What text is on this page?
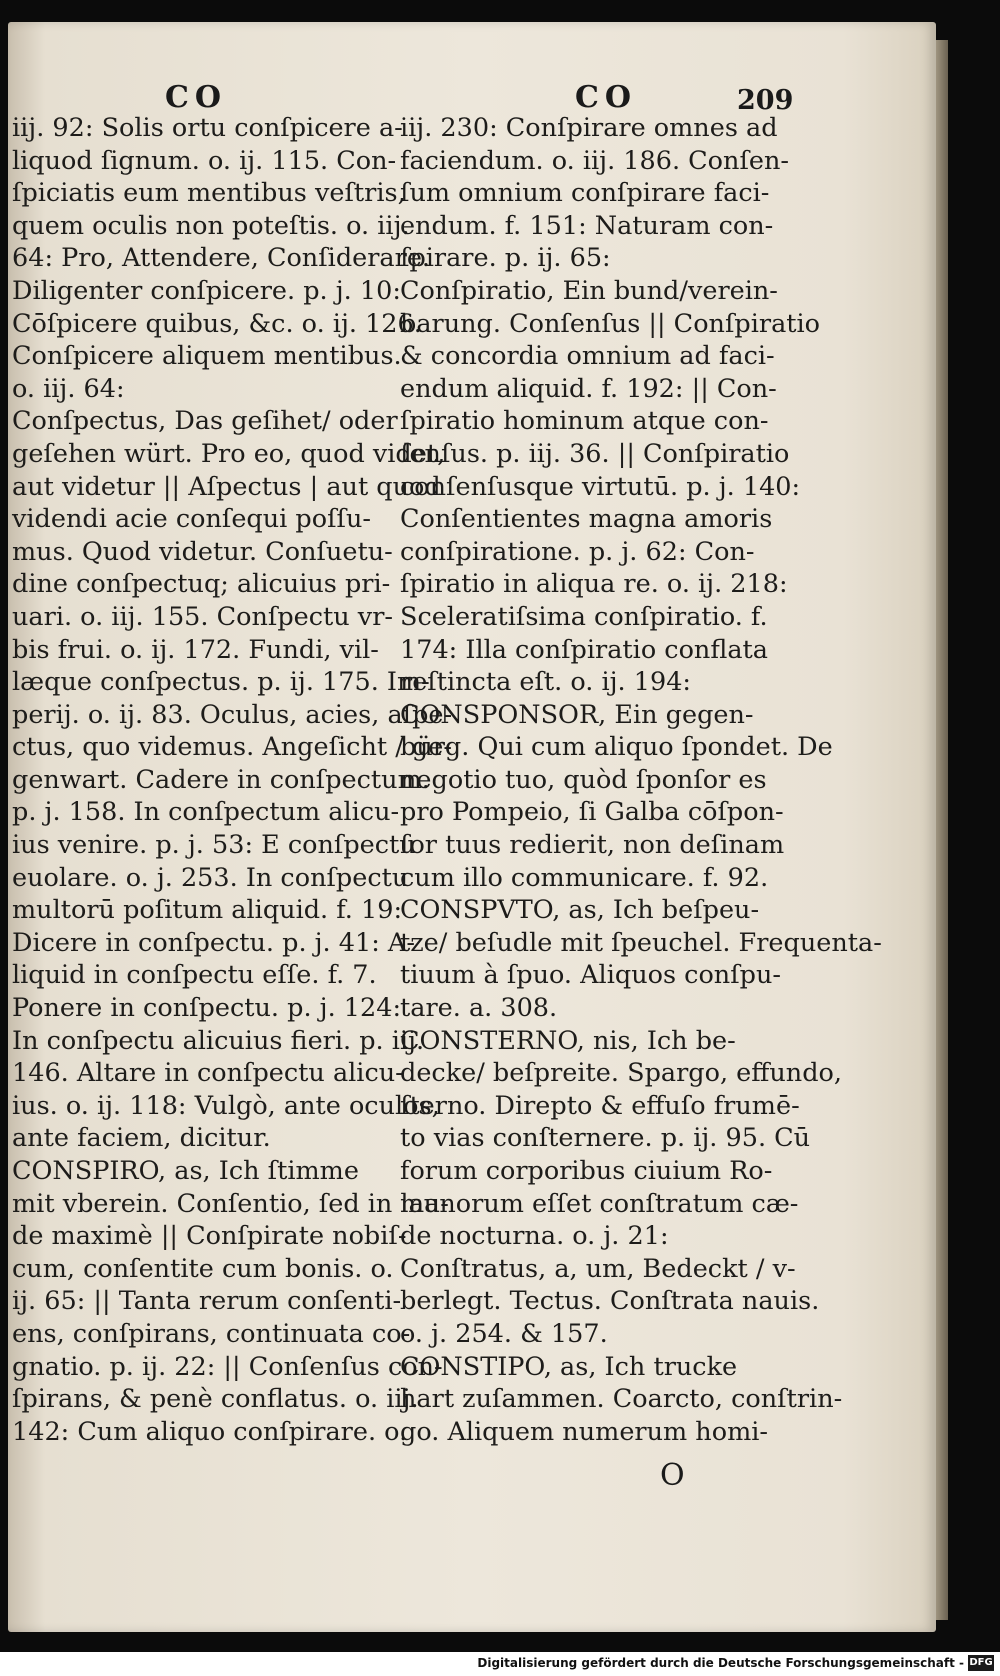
CO	CO	209
iij. 92: Solis ortu conſpicere a-
liquod ſignum. o. ij. 115. Con-
ſpiciatis eum mentibus veſtris,
quem oculis non poteſtis. o. iij.
64: Pro, Attendere, Conſiderare.
Diligenter conſpicere. p. j. 10:
Cōſpicere quibus, &c. o. ij. 126.
Conſpicere aliquem mentibus.
o. iij. 64:
Conſpectus, Das geſihet/ oder
geſehen würt. Pro eo, quod videt,
aut videtur || Aſpectus | aut quod
videndi acie conſequi poſſu-
mus. Quod videtur. Conſuetu-
dine conſpectuq; alicuius pri-
uari. o. iij. 155. Conſpectu vr-
bis frui. o. ij. 172. Fundi, vil-
læque conſpectus. p. ij. 175. Im-
perij. o. ij. 83. Oculus, acies, aſpe-
ctus, quo videmus. Angeſicht / ge-
genwart. Cadere in conſpectum.
p. j. 158. In conſpectum alicu-
ius venire. p. j. 53: E conſpectu
euolare. o. j. 253. In conſpectu
multorū poſitum aliquid. f. 19:
Dicere in conſpectu. p. j. 41: A-
liquid in conſpectu eſſe. f. 7.
Ponere in conſpectu. p. j. 124:
In conſpectu alicuius fieri. p. iij.
146. Altare in conſpectu alicu-
ius. o. ij. 118: Vulgò, ante oculos,
ante faciem, dicitur.
CONSPIRO, as, Ich ſtimme
mit vberein. Conſentio, ſed in lau-
de maximè || Conſpirate nobiſ-
cum, conſentite cum bonis. o.
ij. 65: || Tanta rerum conſenti-
ens, conſpirans, continuata co-
gnatio. p. ij. 22: || Conſenſus con-
ſpirans, & penè conflatus. o. iij.
142: Cum aliquo conſpirare. o.
iij. 230: Conſpirare omnes ad
faciendum. o. iij. 186. Conſen-
ſum omnium conſpirare faci-
endum. f. 151: Naturam con-
ſpirare. p. ij. 65:
Conſpiratio, Ein bund/verein-
barung. Conſenſus || Conſpiratio
& concordia omnium ad faci-
endum aliquid. f. 192: || Con-
ſpiratio hominum atque con-
ſenſus. p. iij. 36. || Conſpiratio
conſenſusque virtutū. p. j. 140:
Conſentientes magna amoris
conſpiratione. p. j. 62: Con-
ſpiratio in aliqua re. o. ij. 218:
Sceleratiſsima conſpiratio. f.
174: Illa conſpiratio conflata
reſtincta eſt. o. ij. 194:
CONSPONSOR, Ein gegen-
bürg. Qui cum aliquo ſpondet. De
negotio tuo, quòd ſponſor es
pro Pompeio, ſi Galba cōſpon-
ſor tuus redierit, non deſinam
cum illo communicare. f. 92.
CONSPVTO, as, Ich beſpeu-
tze/ beſudle mit ſpeuchel. Frequenta-
tiuum à ſpuo. Aliquos conſpu-
tare. a. 308.
CONSTERNO, nis, Ich be-
decke/ beſpreite. Spargo, effundo,
ſterno. Direpto & effuſo frumē-
to vias conſternere. p. ij. 95. Cū
forum corporibus ciuium Ro-
manorum eſſet conſtratum cæ-
de nocturna. o. j. 21:
Conſtratus, a, um, Bedeckt / v-
berlegt. Tectus. Conſtrata nauis.
o. j. 254. & 157.
CONSTIPO, as, Ich trucke
hart zuſammen. Coarcto, conſtrin-
go. Aliquem numerum homi-
O
Digitalisierung gefördert durch die Deutsche Forschungsgemeinschaft - DFG
